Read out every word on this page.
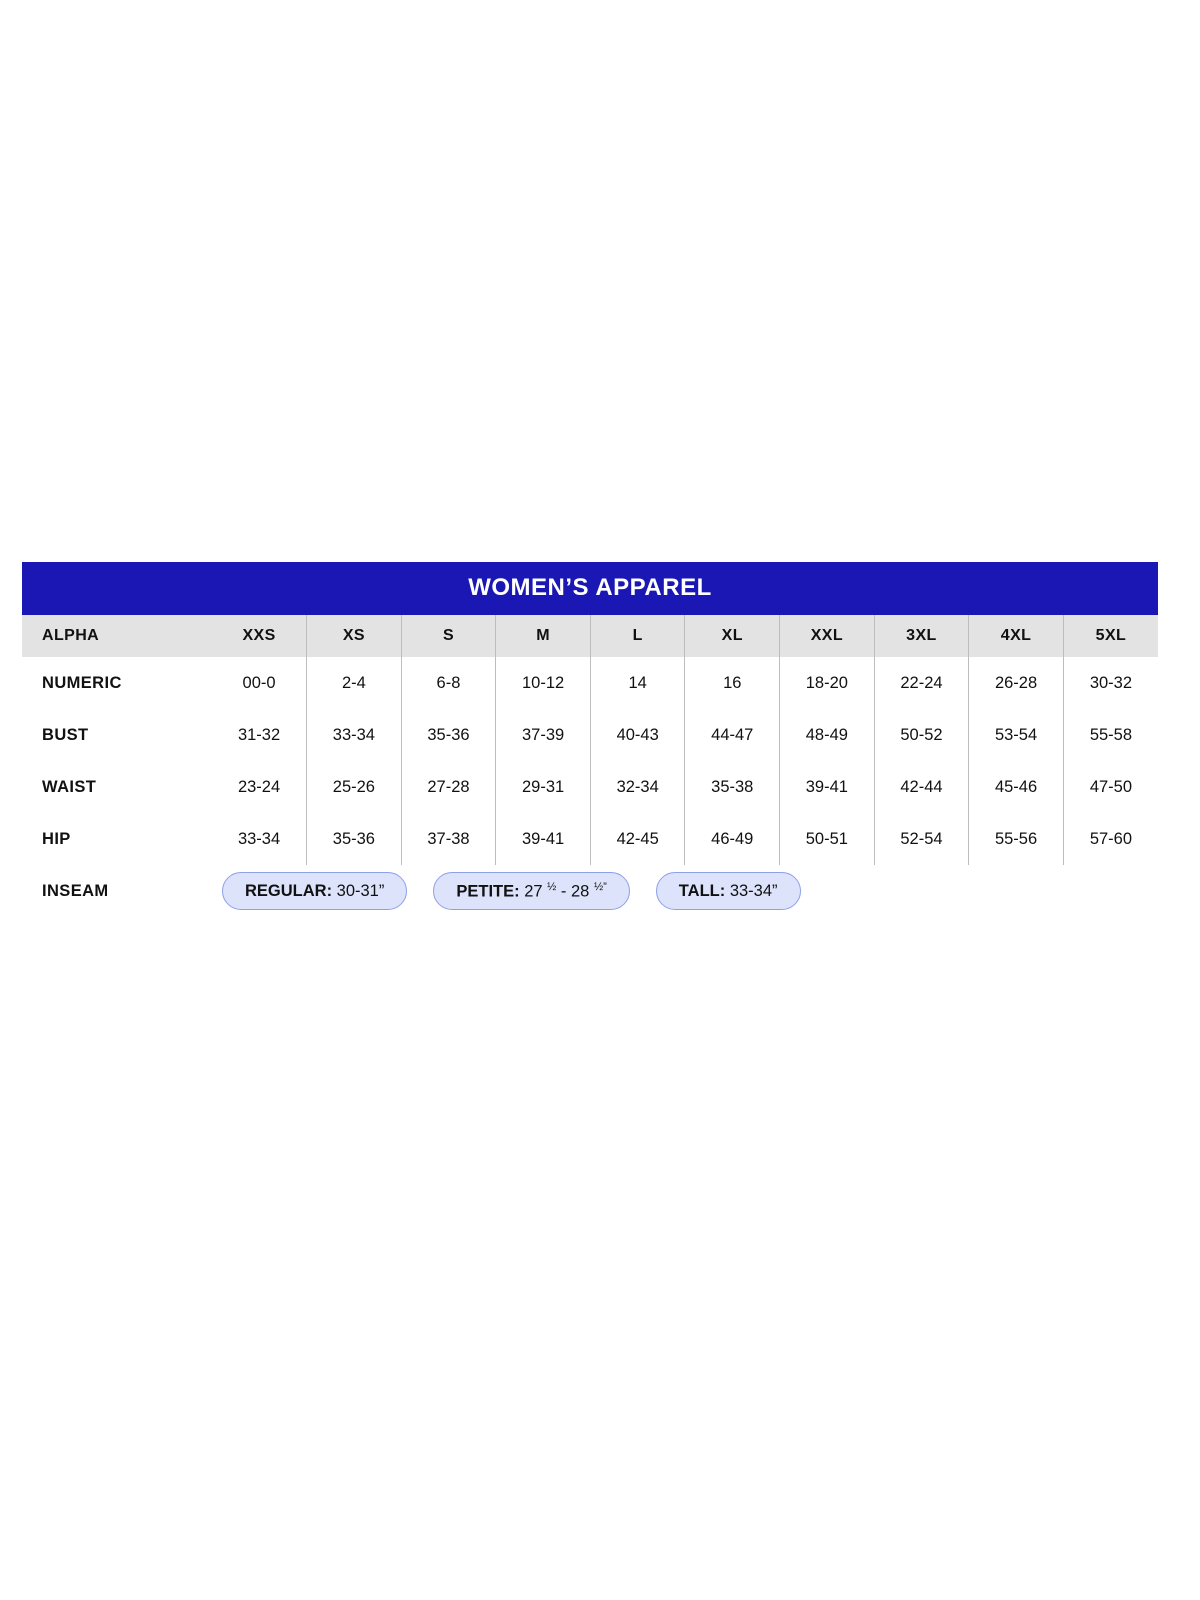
WOMEN’S APPAREL
ALPHA	XXS	XS	S	M	L	XL	XXL	3XL	4XL	5XL
NUMERIC	00-0	2-4	6-8	10-12	14	16	18-20	22-24	26-28	30-32
BUST	31-32	33-34	35-36	37-39	40-43	44-47	48-49	50-52	53-54	55-58
WAIST	23-24	25-26	27-28	29-31	32-34	35-38	39-41	42-44	45-46	47-50
HIP	33-34	35-36	37-38	39-41	42-45	46-49	50-51	52-54	55-56	57-60
INSEAM	REGULAR: 30-31” PETITE: 27 $^{\frac{1}{2}}$ - 28 $^{\frac{1}{2}”}$ TALL: 33-34”									
